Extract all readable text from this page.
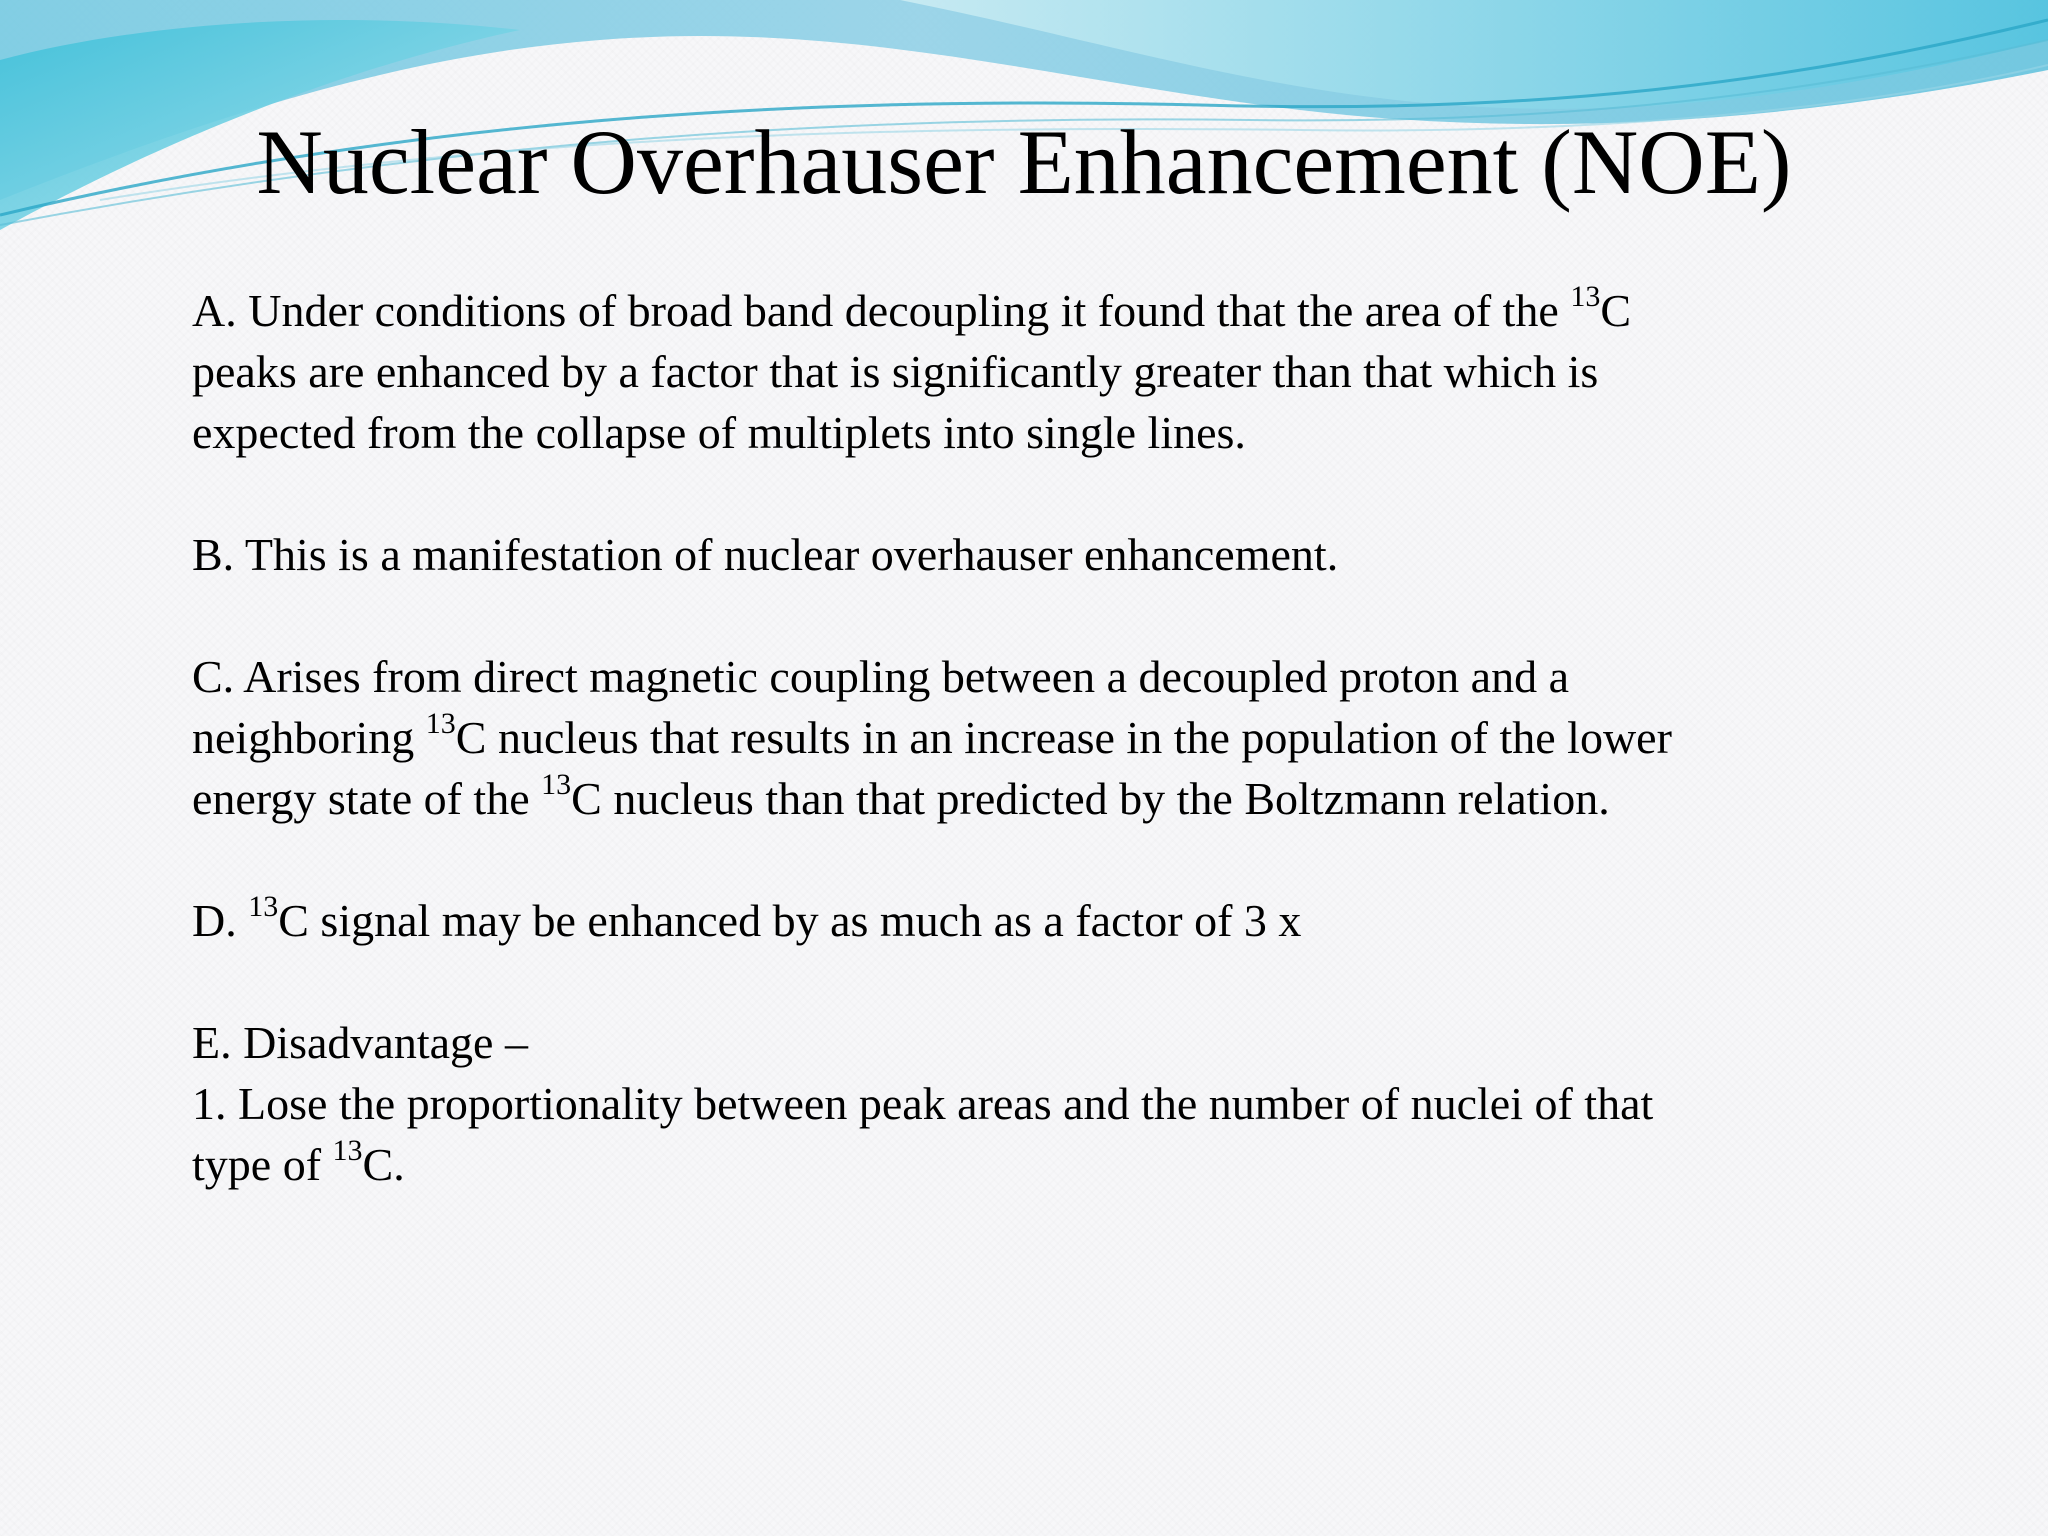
Nuclear Overhauser Enhancement (NOE)

A. Under conditions of broad band decoupling it found that the area of the $^{13}$C
peaks are enhanced by a factor that is significantly greater than that which is
expected from the collapse of multiplets into single lines.

B. This is a manifestation of nuclear overhauser enhancement.

C. Arises from direct magnetic coupling between a decoupled proton and a
neighboring $^{13}$C nucleus that results in an increase in the population of the lower
energy state of the $^{13}$C nucleus than that predicted by the Boltzmann relation.

D. $^{13}$C signal may be enhanced by as much as a factor of 3 x

E. Disadvantage –
1. Lose the proportionality between peak areas and the number of nuclei of that
type of $^{13}$C.
